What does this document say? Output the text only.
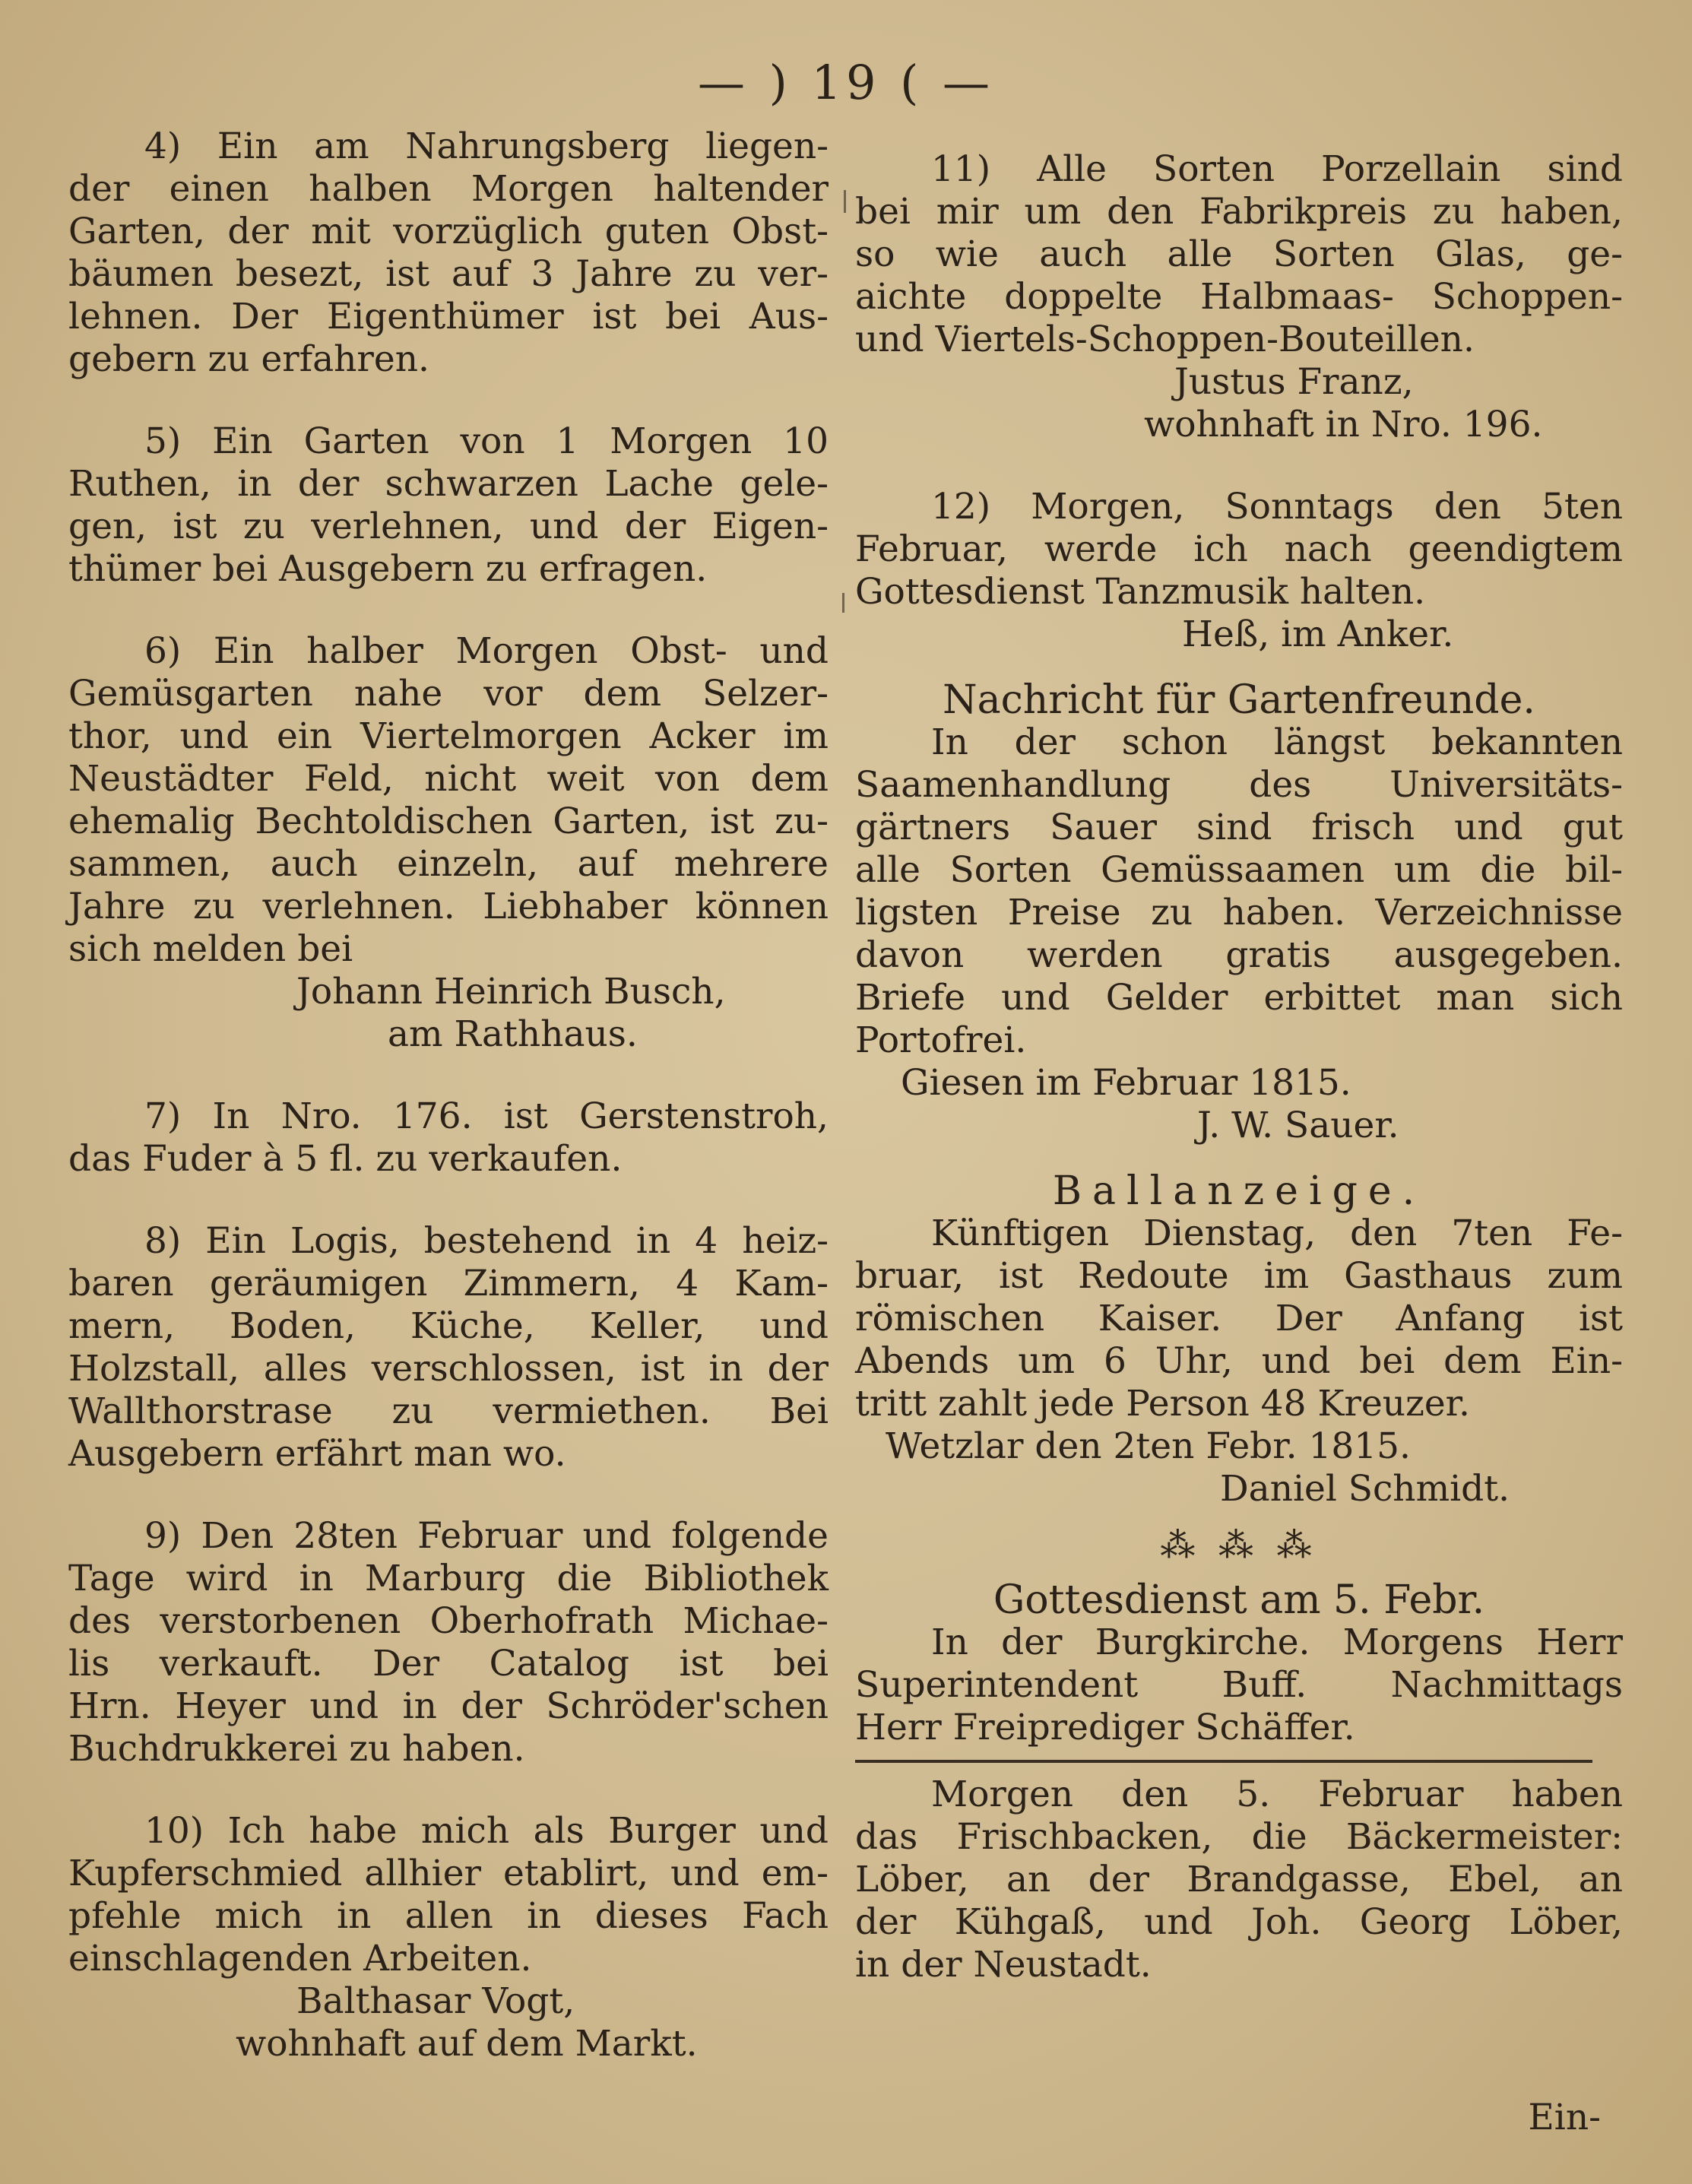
— ) 19 ( —
4) Ein am Nahrungsberg liegen-
der einen halben Morgen haltender
Garten, der mit vorzüglich guten Obst-
bäumen besezt, ist auf 3 Jahre zu ver-
lehnen. Der Eigenthümer ist bei Aus-
gebern zu erfahren.
5) Ein Garten von 1 Morgen 10
Ruthen, in der schwarzen Lache gele-
gen, ist zu verlehnen, und der Eigen-
thümer bei Ausgebern zu erfragen.
6) Ein halber Morgen Obst- und
Gemüsgarten nahe vor dem Selzer-
thor, und ein Viertelmorgen Acker im
Neustädter Feld, nicht weit von dem
ehemalig Bechtoldischen Garten, ist zu-
sammen, auch einzeln, auf mehrere
Jahre zu verlehnen. Liebhaber können
sich melden bei
Johann Heinrich Busch,
am Rathhaus.
7) In Nro. 176. ist Gerstenstroh,
das Fuder à 5 fl. zu verkaufen.
8) Ein Logis, bestehend in 4 heiz-
baren geräumigen Zimmern, 4 Kam-
mern, Boden, Küche, Keller, und
Holzstall, alles verschlossen, ist in der
Wallthorstrase zu vermiethen. Bei
Ausgebern erfährt man wo.
9) Den 28ten Februar und folgende
Tage wird in Marburg die Bibliothek
des verstorbenen Oberhofrath Michae-
lis verkauft. Der Catalog ist bei
Hrn. Heyer und in der Schröder'schen
Buchdrukkerei zu haben.
10) Ich habe mich als Burger und
Kupferschmied allhier etablirt, und em-
pfehle mich in allen in dieses Fach
einschlagenden Arbeiten.
Balthasar Vogt,
wohnhaft auf dem Markt.
11) Alle Sorten Porzellain sind
bei mir um den Fabrikpreis zu haben,
so wie auch alle Sorten Glas, ge-
aichte doppelte Halbmaas- Schoppen-
und Viertels-Schoppen-Bouteillen.
Justus Franz,
wohnhaft in Nro. 196.
12) Morgen, Sonntags den 5ten
Februar, werde ich nach geendigtem
Gottesdienst Tanzmusik halten.
Heß, im Anker.
Nachricht für Gartenfreunde.
In der schon längst bekannten
Saamenhandlung des Universitäts-
gärtners Sauer sind frisch und gut
alle Sorten Gemüssaamen um die bil-
ligsten Preise zu haben. Verzeichnisse
davon werden gratis ausgegeben.
Briefe und Gelder erbittet man sich
Portofrei.
Giesen im Februar 1815.
J. W. Sauer.
Ballanzeige.
Künftigen Dienstag, den 7ten Fe-
bruar, ist Redoute im Gasthaus zum
römischen Kaiser. Der Anfang ist
Abends um 6 Uhr, und bei dem Ein-
tritt zahlt jede Person 48 Kreuzer.
Wetzlar den 2ten Febr. 1815.
Daniel Schmidt.
⁂ ⁂ ⁂
Gottesdienst am 5. Febr.
In der Burgkirche. Morgens Herr
Superintendent Buff. Nachmittags
Herr Freiprediger Schäffer.
Morgen den 5. Februar haben
das Frischbacken, die Bäckermeister:
Löber, an der Brandgasse, Ebel, an
der Kühgaß, und Joh. Georg Löber,
in der Neustadt.
Ein-
